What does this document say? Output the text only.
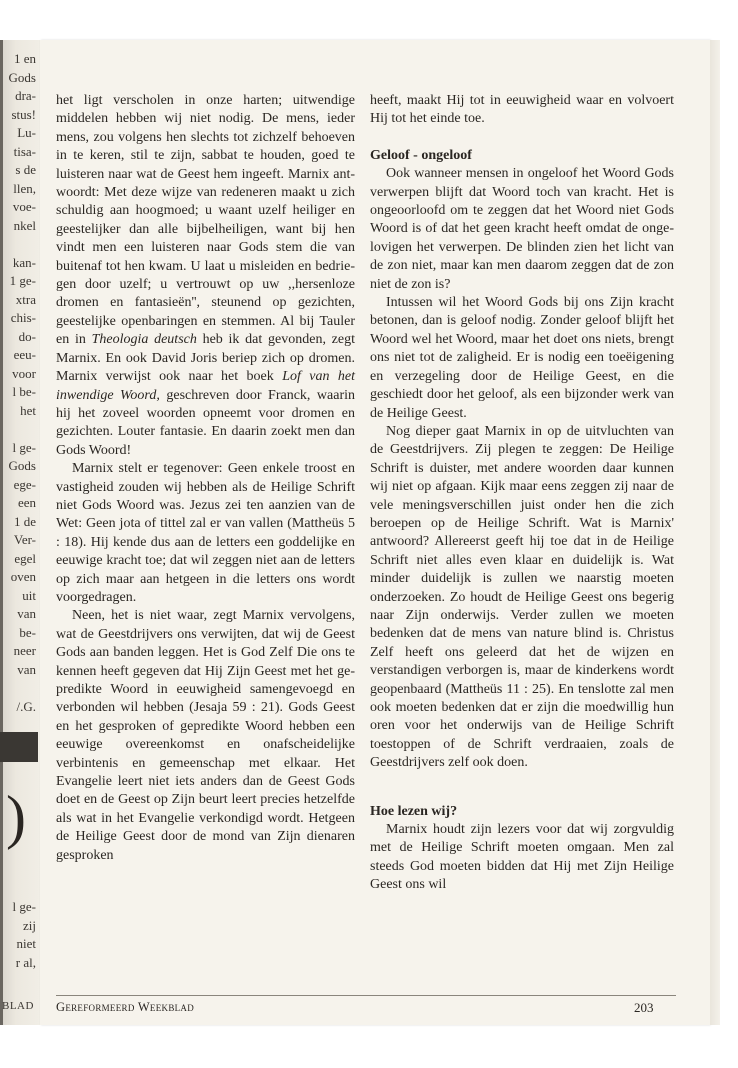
1 en
Gods
dra-
stus!
Lu-
tisa-
s de
llen,
voe-
nkel
kan-
1 ge-
xtra
chis-
do-
eeu-
voor
l be-
het
l ge-
Gods
ege-
een
1 de
Ver-
egel
oven
uit
van
be-
neer
van
/.G.
)
l ge-
zij
niet
r al,
BLAD

het ligt verscholen in onze harten; uitwendige middelen hebben wij niet nodig. De mens, ieder mens, zou volgens hen slechts tot zichzelf behoeven in te keren, stil te zijn, sabbat te houden, goed te luisteren naar wat de Geest hem ingeeft. Marnix antwoordt: Met deze wijze van redeneren maakt u zich schuldig aan hoogmoed; u waant uzelf heiliger en geestelijker dan alle bijbelheiligen, want bij hen vindt men een luisteren naar Gods stem die van buitenaf tot hen kwam. U laat u misleiden en bedriegen door uzelf; u vertrouwt op uw ,,hersenloze dromen en fantasieën'', steunend op gezichten, geestelijke openbaringen en stemmen. Al bij Tauler en in Theologia deutsch heb ik dat gevonden, zegt Marnix. En ook David Joris beriep zich op dromen. Marnix verwijst ook naar het boek Lof van het inwendige Woord, geschreven door Franck, waarin hij het zoveel woorden opneemt voor dromen en gezichten. Louter fantasie. En daarin zoekt men dan Gods Woord!

Marnix stelt er tegenover: Geen enkele troost en vastigheid zouden wij hebben als de Heilige Schrift niet Gods Woord was. Jezus zei ten aanzien van de Wet: Geen jota of tittel zal er van vallen (Mattheüs 5 : 18). Hij kende dus aan de letters een goddelijke en eeuwige kracht toe; dat wil zeggen niet aan de letters op zich maar aan hetgeen in die letters ons wordt voorgedragen.

Neen, het is niet waar, zegt Marnix vervolgens, wat de Geestdrijvers ons verwijten, dat wij de Geest Gods aan banden leggen. Het is God Zelf Die ons te kennen heeft gegeven dat Hij Zijn Geest met het gepredikte Woord in eeuwigheid samengevoegd en verbonden wil hebben (Jesaja 59 : 21). Gods Geest en het gesproken of gepredikte Woord hebben een eeuwige overeenkomst en onafscheidelijke verbintenis en gemeenschap met elkaar. Het Evangelie leert niet iets anders dan de Geest Gods doet en de Geest op Zijn beurt leert precies hetzelfde als wat in het Evangelie verkondigd wordt. Hetgeen de Heilige Geest door de mond van Zijn dienaren gesproken

heeft, maakt Hij tot in eeuwigheid waar en volvoert Hij tot het einde toe.

Geloof - ongeloof

Ook wanneer mensen in ongeloof het Woord Gods verwerpen blijft dat Woord toch van kracht. Het is ongeoorloofd om te zeggen dat het Woord niet Gods Woord is of dat het geen kracht heeft omdat de ongelovigen het verwerpen. De blinden zien het licht van de zon niet, maar kan men daarom zeggen dat de zon niet de zon is?

Intussen wil het Woord Gods bij ons Zijn kracht betonen, dan is geloof nodig. Zonder geloof blijft het Woord wel het Woord, maar het doet ons niets, brengt ons niet tot de zaligheid. Er is nodig een toeëigening en verzegeling door de Heilige Geest, en die geschiedt door het geloof, als een bijzonder werk van de Heilige Geest.

Nog dieper gaat Marnix in op de uitvluchten van de Geestdrijvers. Zij plegen te zeggen: De Heilige Schrift is duister, met andere woorden daar kunnen wij niet op afgaan. Kijk maar eens zeggen zij naar de vele meningsverschillen juist onder hen die zich beroepen op de Heilige Schrift. Wat is Marnix' antwoord? Allereerst geeft hij toe dat in de Heilige Schrift niet alles even klaar en duidelijk is. Wat minder duidelijk is zullen we naarstig moeten onderzoeken. Zo houdt de Heilige Geest ons begerig naar Zijn onderwijs. Verder zullen we moeten bedenken dat de mens van nature blind is. Christus Zelf heeft ons geleerd dat het de wijzen en verstandigen verborgen is, maar de kinderkens wordt geopenbaard (Mattheüs 11 : 25). En tenslotte zal men ook moeten bedenken dat er zijn die moedwillig hun oren voor het onderwijs van de Heilige Schrift toestoppen of de Schrift verdraaien, zoals de Geestdrijvers zelf ook doen.

Hoe lezen wij?

Marnix houdt zijn lezers voor dat wij zorgvuldig met de Heilige Schrift moeten omgaan. Men zal steeds God moeten bidden dat Hij met Zijn Heilige Geest ons wil

Gereformeerd Weekblad	203
